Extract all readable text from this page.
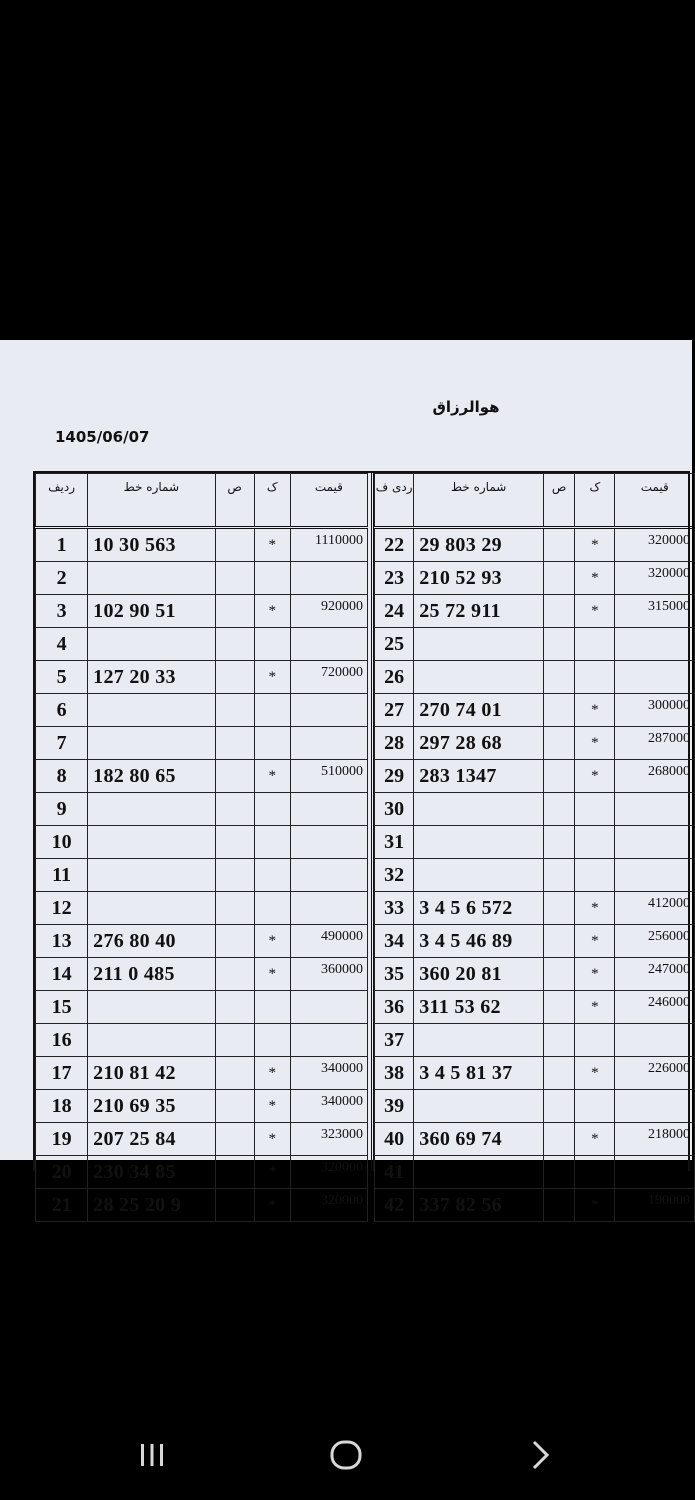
هوالرزاق
1405/06/07
ردیف	شماره خط	ص	ک	قیمت
1	10 30 563		*	1110000
2				
3	102 90 51		*	920000
4				
5	127 20 33		*	720000
6				
7				
8	182 80 65		*	510000
9				
10				
11				
12				
13	276 80 40		*	490000
14	211 0 485		*	360000
15				
16				
17	210 81 42		*	340000
18	210 69 35		*	340000
19	207 25 84		*	323000
20	230 34 85		*	320000
21	28 25 20 9		*	320000
ردی ف	شماره خط	ص	ک	قیمت
22	29 803 29		*	320000
23	210 52 93		*	320000
24	25 72 911		*	315000
25				
26				
27	270 74 01		*	300000
28	297 28 68		*	287000
29	283 1347		*	268000
30				
31				
32				
33	3 4 5 6 572		*	412000
34	3 4 5 46 89		*	256000
35	360 20 81		*	247000
36	311 53 62		*	246000
37				
38	3 4 5 81 37		*	226000
39				
40	360 69 74		*	218000
41				
42	337 82 56		*	190000
